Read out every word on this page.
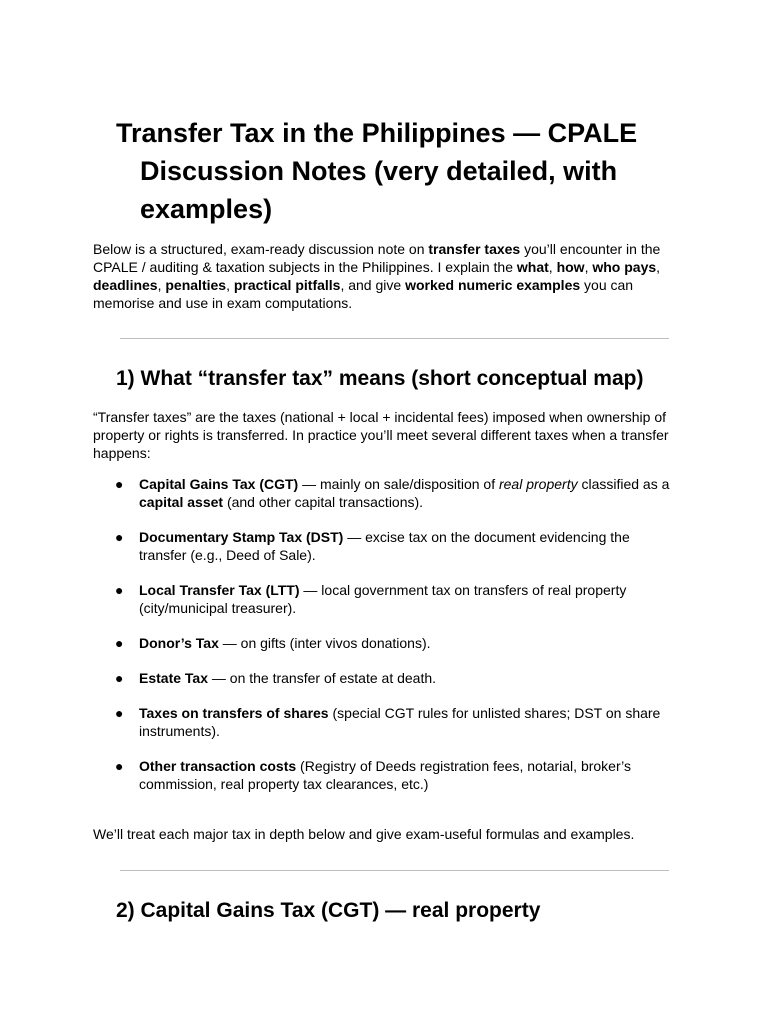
Transfer Tax in the Philippines — CPALE Discussion Notes (very detailed, with examples)

Below is a structured, exam-ready discussion note on transfer taxes you’ll encounter in the CPALE / auditing & taxation subjects in the Philippines. I explain the what, how, who pays, deadlines, penalties, practical pitfalls, and give worked numeric examples you can memorise and use in exam computations.

1) What “transfer tax” means (short conceptual map)

“Transfer taxes” are the taxes (national + local + incidental fees) imposed when ownership of property or rights is transferred. In practice you’ll meet several different taxes when a transfer happens:

● Capital Gains Tax (CGT) — mainly on sale/disposition of real property classified as a capital asset (and other capital transactions).
● Documentary Stamp Tax (DST) — excise tax on the document evidencing the transfer (e.g., Deed of Sale).
● Local Transfer Tax (LTT) — local government tax on transfers of real property (city/municipal treasurer).
● Donor’s Tax — on gifts (inter vivos donations).
● Estate Tax — on the transfer of estate at death.
● Taxes on transfers of shares (special CGT rules for unlisted shares; DST on share instruments).
● Other transaction costs (Registry of Deeds registration fees, notarial, broker’s commission, real property tax clearances, etc.)

We’ll treat each major tax in depth below and give exam-useful formulas and examples.

2) Capital Gains Tax (CGT) — real property
